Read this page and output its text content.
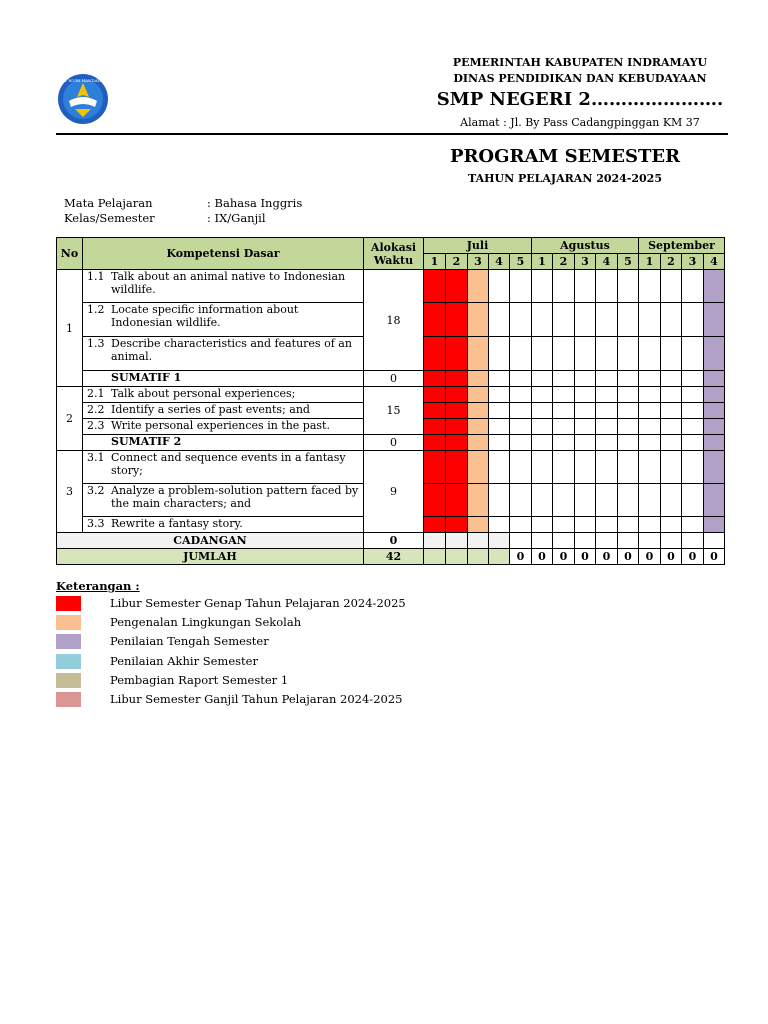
TUT WURI HANDAYANI
PEMERINTAH KABUPATEN INDRAMAYU
DINAS PENDIDIKAN DAN KEBUDAYAAN
SMP NEGERI 2………………….
Alamat : Jl. By Pass Cadangpinggan KM 37
PROGRAM SEMESTER
TAHUN PELAJARAN 2024-2025
Mata Pelajaran	: Bahasa Inggris
Kelas/Semester	: IX/Ganjil
No	Kompetensi Dasar	Alokasi
Waktu	Juli					Agustus					September			
			1	2	3	4	5	1	2	3	4	5	1	2	3	4
1	1.1 Talk about an animal native to Indonesian wildlife.	18														
	1.2 Locate specific information about Indonesian wildlife.															
	1.3 Describe characteristics and features of an animal.															
	SUMATIF 1	0														
2	2.1 Talk about personal experiences;	15														
	2.2 Identify a series of past events; and															
	2.3 Write personal experiences in the past.															
	SUMATIF 2	0														
3	3.1 Connect and sequence events in a fantasy story;	9														
	3.2 Analyze a problem-solution pattern faced by the main characters; and															
	3.3 Rewrite a fantasy story.															
CADANGAN		0														
JUMLAH		42					0	0	0	0	0	0	0	0	0	0
Keterangan :
Libur Semester Genap Tahun Pelajaran 2024-2025
Pengenalan Lingkungan Sekolah
Penilaian Tengah Semester
Penilaian Akhir Semester
Pembagian Raport Semester 1
Libur Semester Ganjil Tahun Pelajaran 2024-2025
